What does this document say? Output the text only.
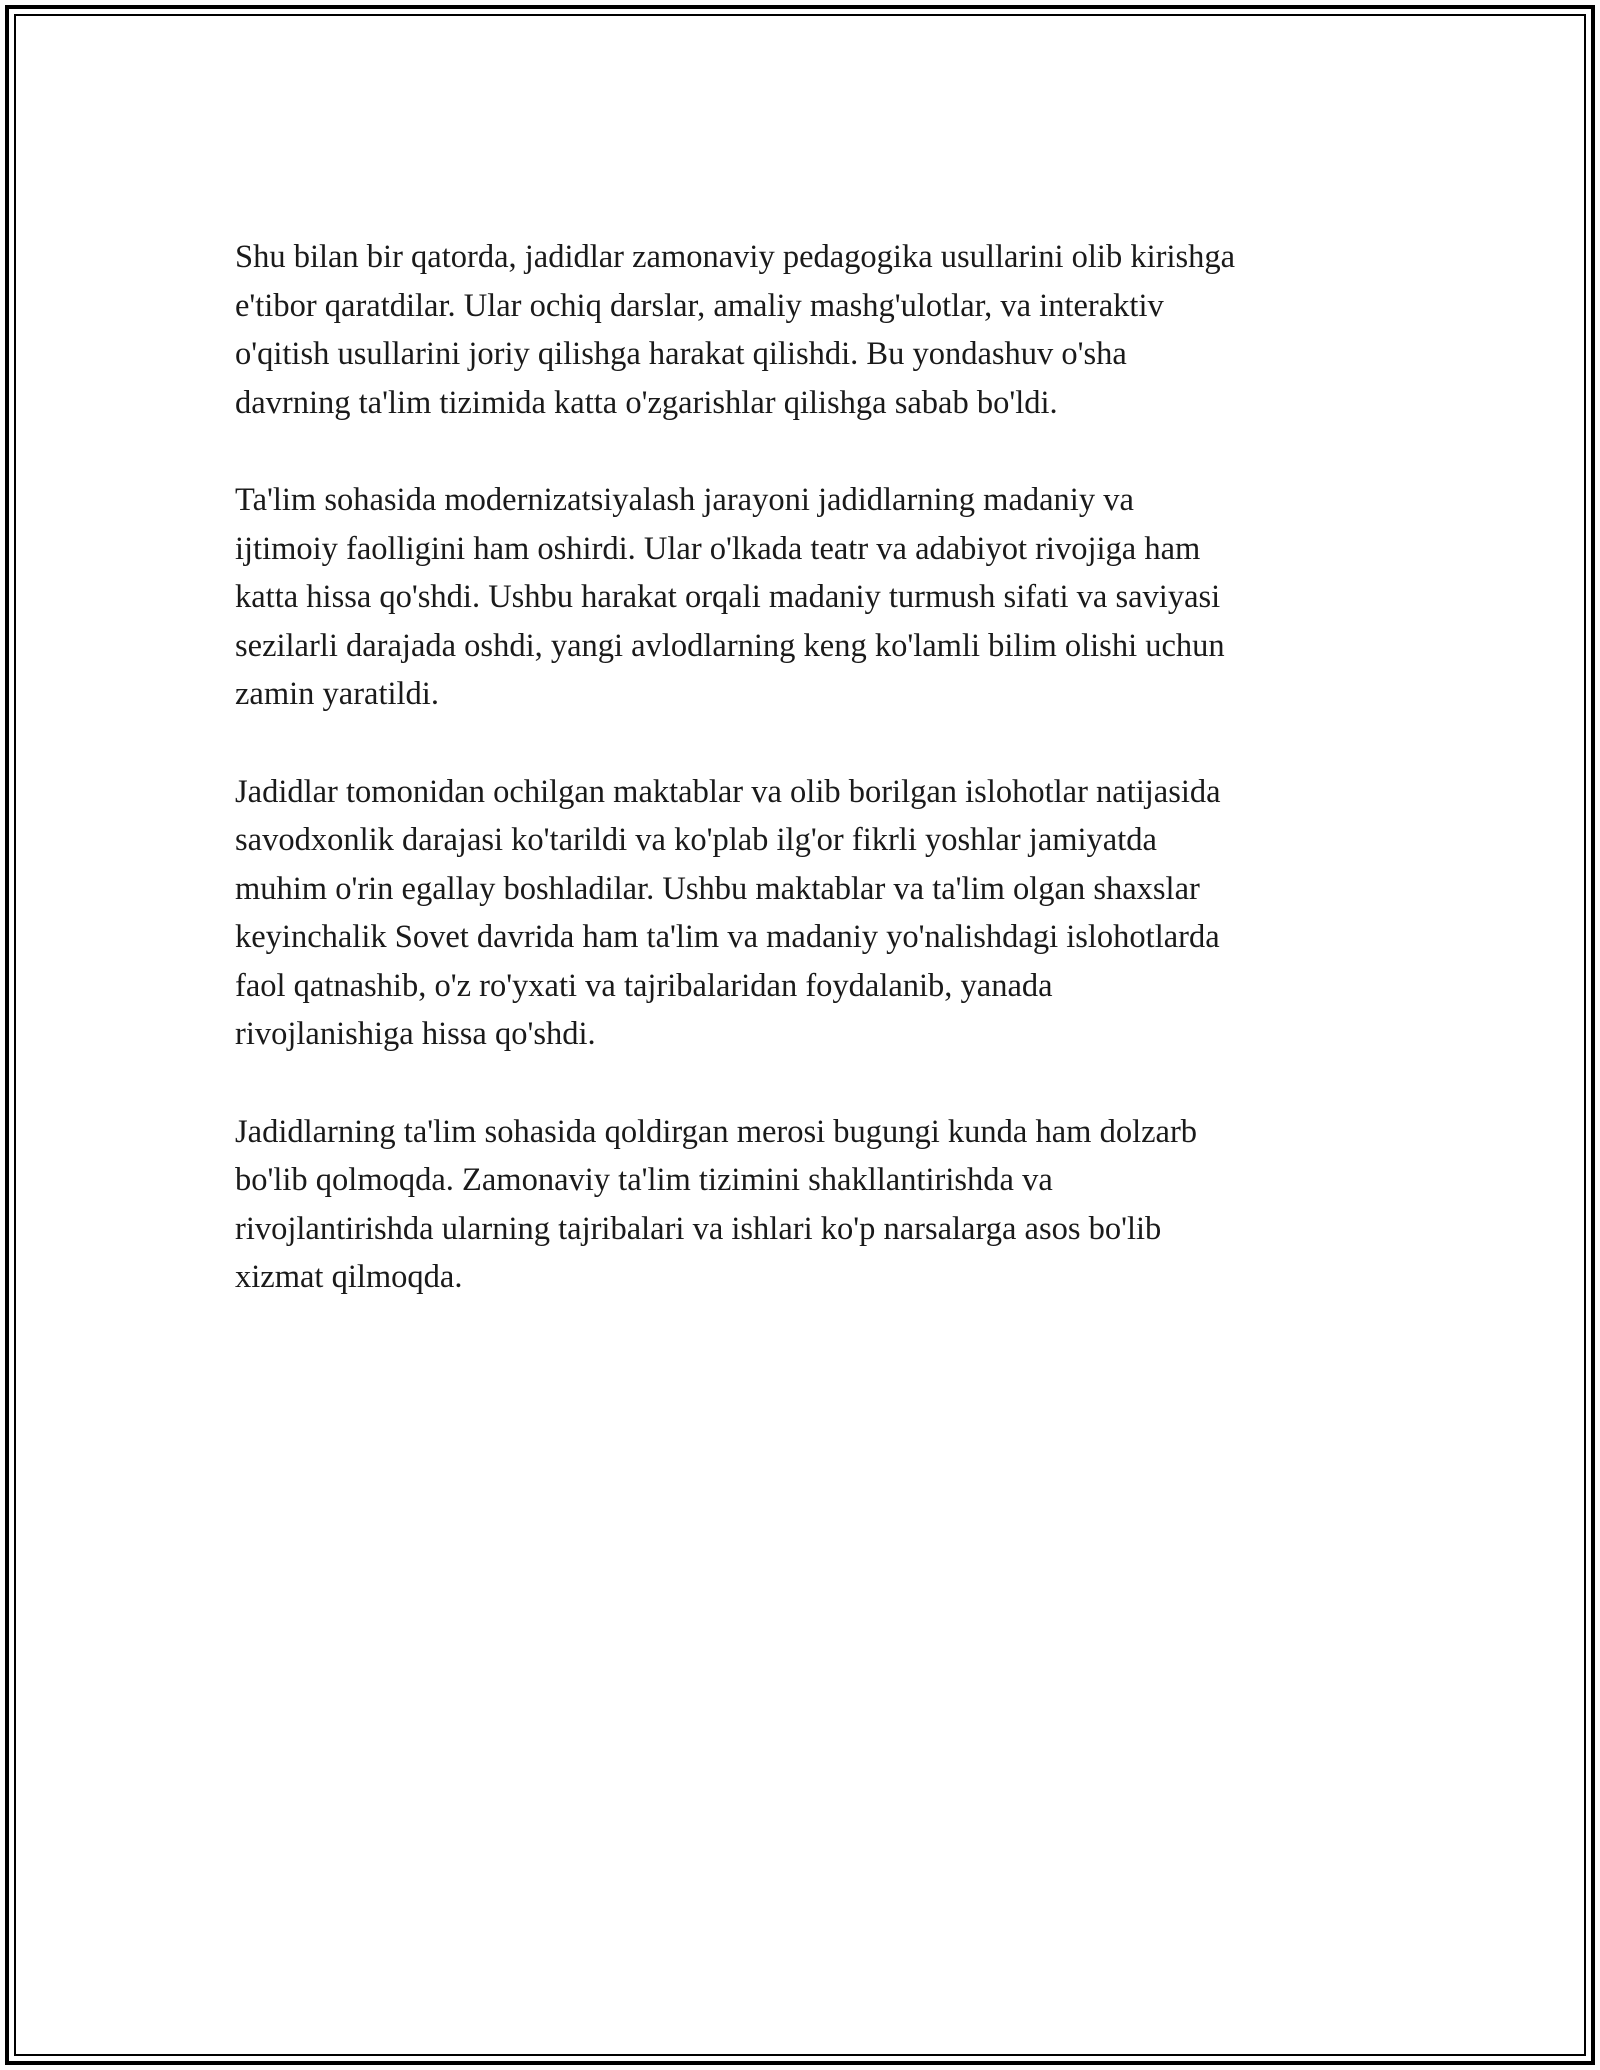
Shu bilan bir qatorda, jadidlar zamonaviy pedagogika usullarini olib kirishga
e'tibor qaratdilar. Ular ochiq darslar, amaliy mashg'ulotlar, va interaktiv
o'qitish usullarini joriy qilishga harakat qilishdi. Bu yondashuv o'sha
davrning ta'lim tizimida katta o'zgarishlar qilishga sabab bo'ldi.

Ta'lim sohasida modernizatsiyalash jarayoni jadidlarning madaniy va
ijtimoiy faolligini ham oshirdi. Ular o'lkada teatr va adabiyot rivojiga ham
katta hissa qo'shdi. Ushbu harakat orqali madaniy turmush sifati va saviyasi
sezilarli darajada oshdi, yangi avlodlarning keng ko'lamli bilim olishi uchun
zamin yaratildi.

Jadidlar tomonidan ochilgan maktablar va olib borilgan islohotlar natijasida
savodxonlik darajasi ko'tarildi va ko'plab ilg'or fikrli yoshlar jamiyatda
muhim o'rin egallay boshladilar. Ushbu maktablar va ta'lim olgan shaxslar
keyinchalik Sovet davrida ham ta'lim va madaniy yo'nalishdagi islohotlarda
faol qatnashib, o'z ro'yxati va tajribalaridan foydalanib, yanada
rivojlanishiga hissa qo'shdi.

Jadidlarning ta'lim sohasida qoldirgan merosi bugungi kunda ham dolzarb
bo'lib qolmoqda. Zamonaviy ta'lim tizimini shakllantirishda va
rivojlantirishda ularning tajribalari va ishlari ko'p narsalarga asos bo'lib
xizmat qilmoqda.
